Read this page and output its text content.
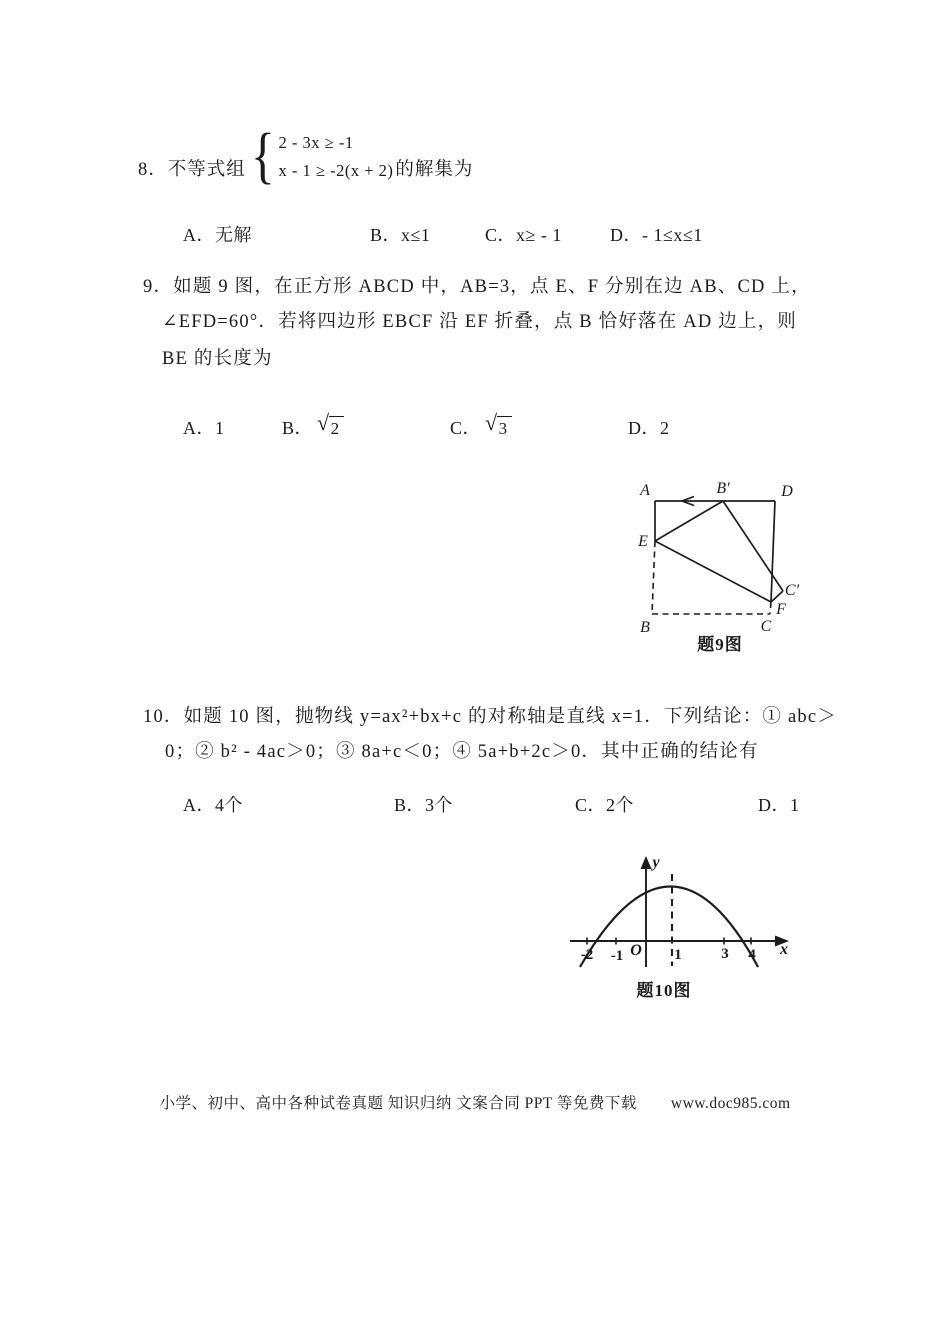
8．不等式组 { 2 - 3x ≥ -1
x - 1 ≥ -2(x + 2) 的解集为
A．无解	B．x≤1	C．x≥ - 1	D．- 1≤x≤1
9．如题 9 图，在正方形 ABCD 中，AB=3，点 E、F 分别在边 AB、CD 上，
∠EFD=60°．若将四边形 EBCF 沿 EF 折叠，点 B 恰好落在 AD 边上，则
BE 的长度为
A．1	B． √ 2	C． √ 3	D．2
A	B′	D
E
C′
F
B	C
题9图
10．如题 10 图，抛物线 y=ax²+bx+c 的对称轴是直线 x=1．下列结论：① abc＞
0；② b² - 4ac＞0；③ 8a+c＜0；④ 5a+b+2c＞0．其中正确的结论有
A．4个	B．3个	C．2个	D．1
y
x
O
-2 -1	1	3 4
题10图
小学、初中、高中各种试卷真题 知识归纳 文案合同 PPT 等免费下载 www.doc985.com
